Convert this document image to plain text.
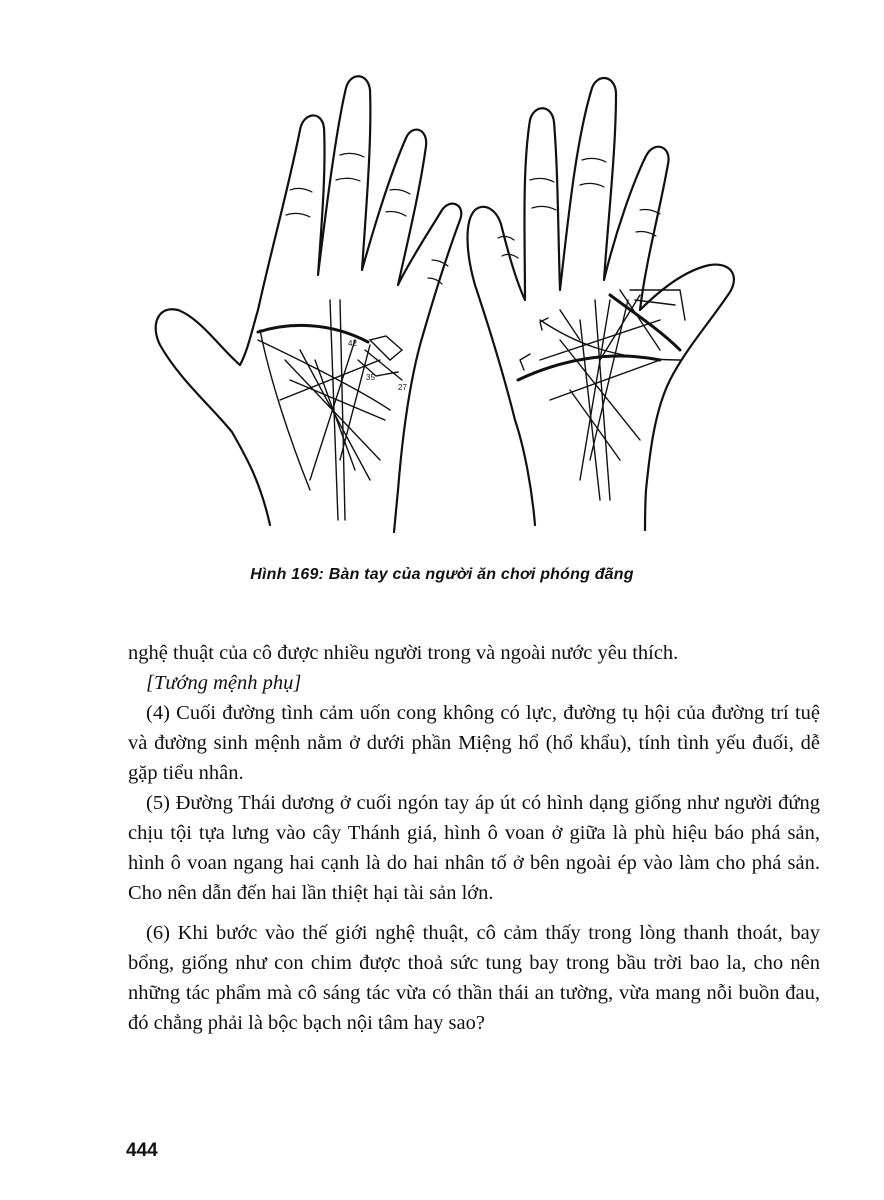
42
35
27
Hình 169: Bàn tay của người ăn chơi phóng đãng

nghệ thuật của cô được nhiều người trong và ngoài nước yêu thích.

[Tướng mệnh phụ]

(4) Cuối đường tình cảm uốn cong không có lực, đường tụ hội của đường trí tuệ và đường sinh mệnh nằm ở dưới phần Miệng hổ (hổ khẩu), tính tình yếu đuối, dễ gặp tiểu nhân.

(5) Đường Thái dương ở cuối ngón tay áp út có hình dạng giống như người đứng chịu tội tựa lưng vào cây Thánh giá, hình ô voan ở giữa là phù hiệu báo phá sản, hình ô voan ngang hai cạnh là do hai nhân tố ở bên ngoài ép vào làm cho phá sản. Cho nên dẫn đến hai lần thiệt hại tài sản lớn.

(6) Khi bước vào thế giới nghệ thuật, cô cảm thấy trong lòng thanh thoát, bay bổng, giống như con chim được thoả sức tung bay trong bầu trời bao la, cho nên những tác phẩm mà cô sáng tác vừa có thần thái an tường, vừa mang nỗi buồn đau, đó chẳng phải là bộc bạch nội tâm hay sao?

444
